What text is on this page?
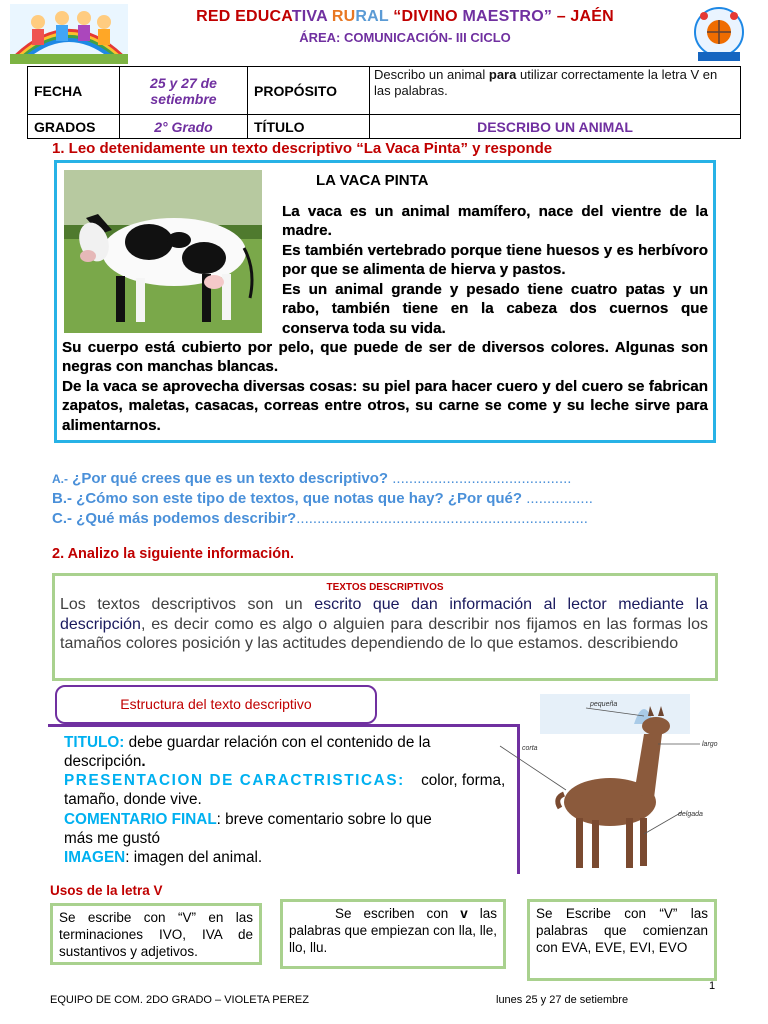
RED EDUCATIVA RURAL “DIVINO MAESTRO” – JAÉN
ÁREA: COMUNICACIÓN- III CICLO
FECHA	25 y 27 de setiembre	PROPÓSITO	Describo un animal para utilizar correctamente la letra V en las palabras.
GRADOS	2° Grado	TÍTULO	DESCRIBO UN ANIMAL
1. Leo detenidamente un texto descriptivo “La Vaca Pinta” y responde
LA VACA PINTA
La vaca es un animal mamífero, nace del vientre de la madre.
Es también vertebrado porque tiene huesos y es herbívoro por que se alimenta de hierva y pastos.
Es un animal grande y pesado tiene cuatro patas y un rabo, también tiene en la cabeza dos cuernos que conserva toda su vida.
Su cuerpo está cubierto por pelo, que puede de ser de diversos colores. Algunas son negras con manchas blancas.
De la vaca se aprovecha diversas cosas: su piel para hacer cuero y del cuero se fabrican zapatos, maletas, casacas, correas entre otros, su carne se come y su leche sirve para alimentarnos.
A.- ¿Por qué crees que es un texto descriptivo? ...........................................
B.- ¿Cómo son este tipo de textos, que notas que hay? ¿Por qué? ................
C.- ¿Qué más podemos describir?......................................................................
2. Analizo la siguiente información.
TEXTOS DESCRIPTIVOS
Los textos descriptivos son un escrito que dan información al lector mediante la descripción, es decir como es algo o alguien para describir nos fijamos en las formas los tamaños colores posición y las actitudes dependiendo de lo que estamos. describiendo
TITULO: debe guardar relación con el contenido de la
descripción.
PRESENTACION DE CARACTRISTICAS: color, forma,
tamaño, donde vive.
COMENTARIO FINAL: breve comentario sobre lo que
más me gustó
IMAGEN: imagen del animal.
Estructura del texto descriptivo	pequeña
corta
largo
delgada
Usos de la letra V
Se escribe con “V” en las terminaciones IVO, IVA de sustantivos y adjetivos.
Se escriben con v las palabras que empiezan con lla, lle, llo, llu.
Se Escribe con “V” las palabras que comienzan con EVA, EVE, EVI, EVO
1
EQUIPO DE COM. 2DO GRADO – VIOLETA PEREZ	lunes 25 y 27 de setiembre
